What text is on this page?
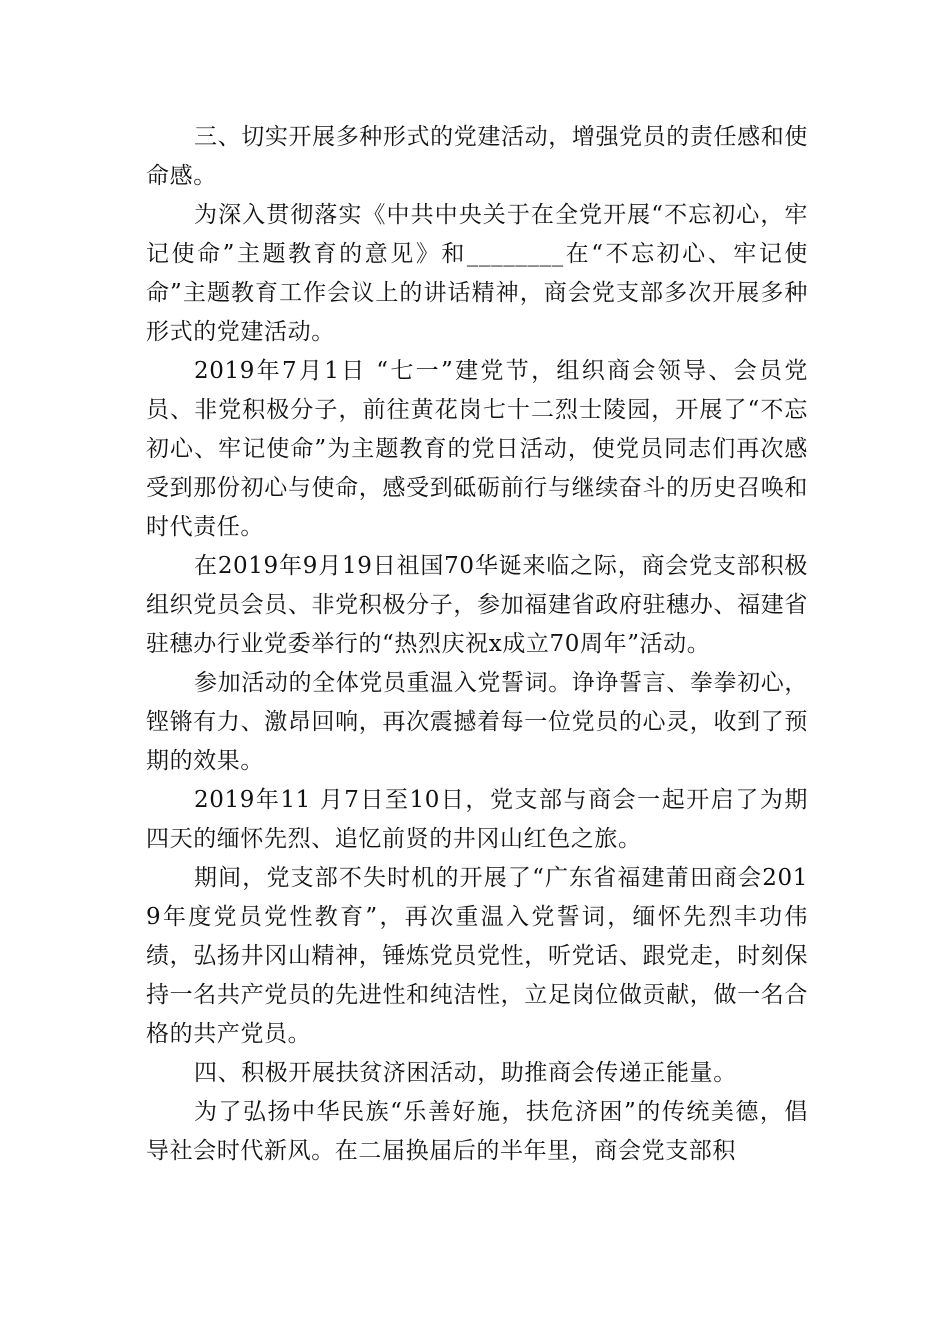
三、切实开展多种形式的党建活动，增强党员的责任感和使命感。

为深入贯彻落实《中共中央关于在全党开展“不忘初心，牢记使命”主题教育的意见》和________在“不忘初心、牢记使命”主题教育工作会议上的讲话精神，商会党支部多次开展多种形式的党建活动。

2019年7月1日 “七一”建党节，组织商会领导、会员党员、非党积极分子，前往黄花岗七十二烈士陵园，开展了“不忘初心、牢记使命”为主题教育的党日活动，使党员同志们再次感受到那份初心与使命，感受到砥砺前行与继续奋斗的历史召唤和时代责任。

在2019年9月19日祖国70华诞来临之际，商会党支部积极组织党员会员、非党积极分子，参加福建省政府驻穗办、福建省驻穗办行业党委举行的“热烈庆祝x成立70周年”活动。

参加活动的全体党员重温入党誓词。诤诤誓言、拳拳初心，铿锵有力、激昂回响，再次震撼着每一位党员的心灵，收到了预期的效果。

2019年11 月7日至10日，党支部与商会一起开启了为期四天的缅怀先烈、追忆前贤的井冈山红色之旅。

期间，党支部不失时机的开展了“广东省福建莆田商会2019年度党员党性教育”，再次重温入党誓词，缅怀先烈丰功伟绩，弘扬井冈山精神，锤炼党员党性，听党话、跟党走，时刻保持一名共产党员的先进性和纯洁性，立足岗位做贡献，做一名合格的共产党员。

四、积极开展扶贫济困活动，助推商会传递正能量。

为了弘扬中华民族“乐善好施，扶危济困”的传统美德，倡导社会时代新风。在二届换届后的半年里，商会党支部积
